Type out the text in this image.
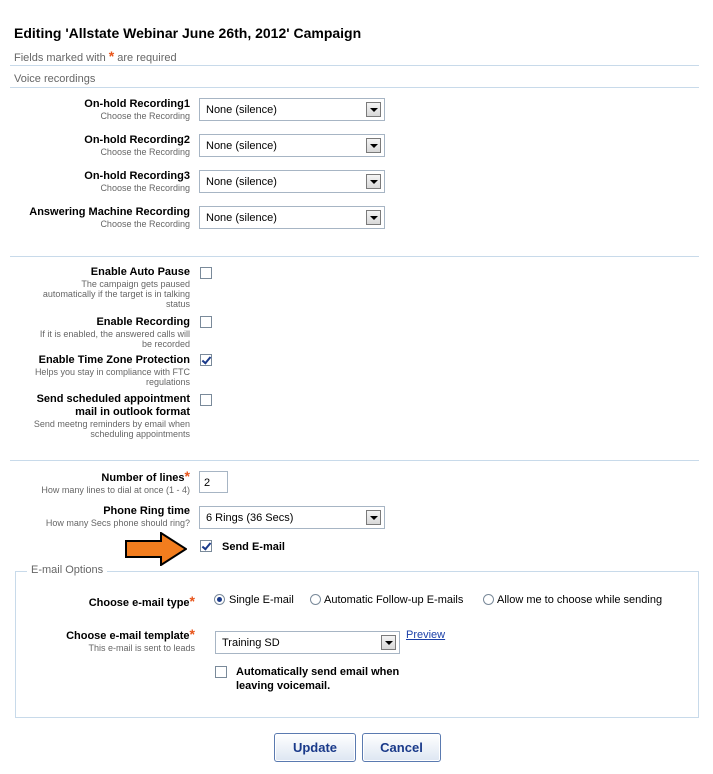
Editing 'Allstate Webinar June 26th, 2012' Campaign
Fields marked with * are required
Voice recordings
On-hold Recording1
Choose the Recording	None (silence)
On-hold Recording2
Choose the Recording	None (silence)
On-hold Recording3
Choose the Recording	None (silence)
Answering Machine Recording
Choose the Recording	None (silence)
Enable Auto Pause
The campaign gets paused
automatically if the target is in talking
status
Enable Recording
If it is enabled, the answered calls will
be recorded
Enable Time Zone Protection
Helps you stay in compliance with FTC
regulations
Send scheduled appointment
mail in outlook format
Send meetng reminders by email when
scheduling appointments
Number of lines*
How many lines to dial at once (1 - 4)
2
Phone Ring time
How many Secs phone should ring?	6 Rings (36 Secs)
Send E-mail
E-mail Options
Choose e-mail type*	Single E-mail	Automatic Follow-up E-mails	Allow me to choose while sending
Choose e-mail template*
This e-mail is sent to leads	Training SD
Preview
Automatically send email when
leaving voicemail.
Update	Cancel
